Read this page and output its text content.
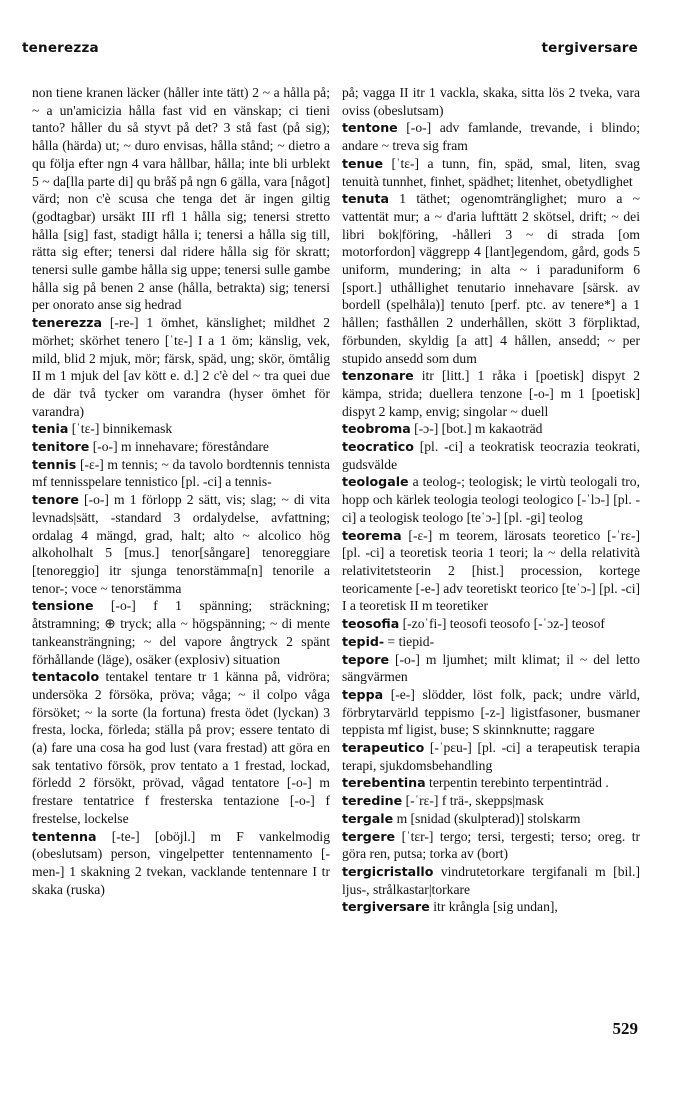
tenerezza	tergiversare

non tiene kranen läcker (håller inte tätt) 2 ~ a hålla på; ~ a un'amicizia hålla fast vid en vänskap; ci tieni tanto? håller du så styvt på det? 3 stå fast (på sig); hålla (härda) ut; ~ duro envisas, hålla stånd; ~ dietro a qu följa efter ngn 4 vara hållbar, hålla; inte bli urblekt 5 ~ da[lla parte di] qu bråš på ngn 6 gälla, vara [något] värd; non c'è scusa che tenga det är ingen giltig (godtagbar) ursäkt III rfl 1 hålla sig; tenersi stretto hålla [sig] fast, stadigt hålla i; tenersi a hålla sig till, rätta sig efter; tenersi dal ridere hålla sig för skratt; tenersi sulle gambe hålla sig uppe; tenersi sulle gambe hålla sig på benen 2 anse (hålla, betrakta) sig; tenersi per onorato anse sig hedrad

tenerezza [-re-] 1 ömhet, känslighet; mildhet 2 mörhet; skörhet tenero [ˈtɛ-] I a 1 öm; känslig, vek, mild, blid 2 mjuk, mör; färsk, späd, ung; skör, ömtålig II m 1 mjuk del [av kött e. d.] 2 c'è del ~ tra quei due de där två tycker om varandra (hyser ömhet för varandra)

tenia [ˈtɛ-] binnikemask

tenitore [-o-] m innehavare; föreståndare

tennis [-ɛ-] m tennis; ~ da tavolo bordtennis tennista mf tennisspelare tennistico [pl. -ci] a tennis-

tenore [-o-] m 1 förlopp 2 sätt, vis; slag; ~ di vita levnads|sätt, -standard 3 ordalydelse, avfattning; ordalag 4 mängd, grad, halt; alto ~ alcolico hög alkoholhalt 5 [mus.] tenor[sångare] tenoreggiare [tenoreggio] itr sjunga tenorstämma[n] tenorile a tenor-; voce ~ tenorstämma

tensione [-o-] f 1 spänning; sträckning; åtstramning; ⊕ tryck; alla ~ högspänning; ~ di mente tankeansträngning; ~ del vapore ångtryck 2 spänt förhållande (läge), osäker (explosiv) situation

tentacolo tentakel tentare tr 1 känna på, vidröra; undersöka 2 försöka, pröva; våga; ~ il colpo våga försöket; ~ la sorte (la fortuna) fresta ödet (lyckan) 3 fresta, locka, förleda; ställa på prov; essere tentato di (a) fare una cosa ha god lust (vara frestad) att göra en sak tentativo försök, prov tentato a 1 frestad, lockad, förledd 2 försökt, prövad, vågad tentatore [-o-] m frestare tentatrice f fresterska tentazione [-o-] f frestelse, lockelse

tentenna [-te-] [oböjl.] m F vankelmodig (obeslutsam) person, vingelpetter tentennamento [-men-] 1 skakning 2 tvekan, vacklande tentennare I tr skaka (ruska)

på; vagga II itr 1 vackla, skaka, sitta lös 2 tveka, vara oviss (obeslutsam)

tentone [-o-] adv famlande, trevande, i blindo; andare ~ treva sig fram

tenue [ˈtɛ-] a tunn, fin, späd, smal, liten, svag tenuità tunnhet, finhet, spädhet; litenhet, obetydlighet

tenuta 1 täthet; ogenomtränglighet; muro a ~ vattentät mur; a ~ d'aria lufttätt 2 skötsel, drift; ~ dei libri bok|föring, -hålleri 3 ~ di strada [om motorfordon] väggrepp 4 [lant]egendom, gård, gods 5 uniform, mundering; in alta ~ i paraduniform 6 [sport.] uthållighet tenutario innehavare [särsk. av bordell (spelhåla)] tenuto [perf. ptc. av tenere*] a 1 hållen; fasthållen 2 underhållen, skött 3 förpliktad, förbunden, skyldig [a att] 4 hållen, ansedd; ~ per stupido ansedd som dum

tenzonare itr [litt.] 1 råka i [poetisk] dispyt 2 kämpa, strida; duellera tenzone [-o-] m 1 [poetisk] dispyt 2 kamp, envig; singolar ~ duell

teobroma [-ɔ-] [bot.] m kakaoträd

teocratico [pl. -ci] a teokratisk teocrazia teokrati, gudsvälde

teologale a teolog-; teologisk; le virtù teologali tro, hopp och kärlek teologia teologi teologico [-ˈlɔ-] [pl. -ci] a teologisk teologo [teˈɔ-] [pl. -gi] teolog

teorema [-ɛ-] m teorem, lärosats teoretico [-ˈrɛ-] [pl. -ci] a teoretisk teoria 1 teori; la ~ della relatività relativitetsteorin 2 [hist.] procession, kortege teoricamente [-e-] adv teoretiskt teorico [teˈɔ-] [pl. -ci] I a teoretisk II m teoretiker

teosofia [-zoˈfi-] teosofi teosofo [-ˈɔz-] teosof

tepid- = tiepid-

tepore [-o-] m ljumhet; milt klimat; il ~ del letto sängvärmen

teppa [-e-] slödder, löst folk, pack; undre värld, förbrytarvärld teppismo [-z-] ligistfasoner, busmaner teppista mf ligist, buse; S skinnknutte; raggare

terapeutico [-ˈpɛu-] [pl. -ci] a terapeutisk terapia terapi, sjukdomsbehandling

terebentina terpentin terebinto terpentinträd .

teredine [-ˈrɛ-] f trä-, skepps|mask

tergale m [snidad (skulpterad)] stolskarm

tergere [ˈtɛr-] tergo; tersi, tergesti; terso; oreg. tr göra ren, putsa; torka av (bort)

tergicristallo vindrutetorkare tergifanali m [bil.] ljus-, strålkastar|torkare

tergiversare itr krångla [sig undan],

529
